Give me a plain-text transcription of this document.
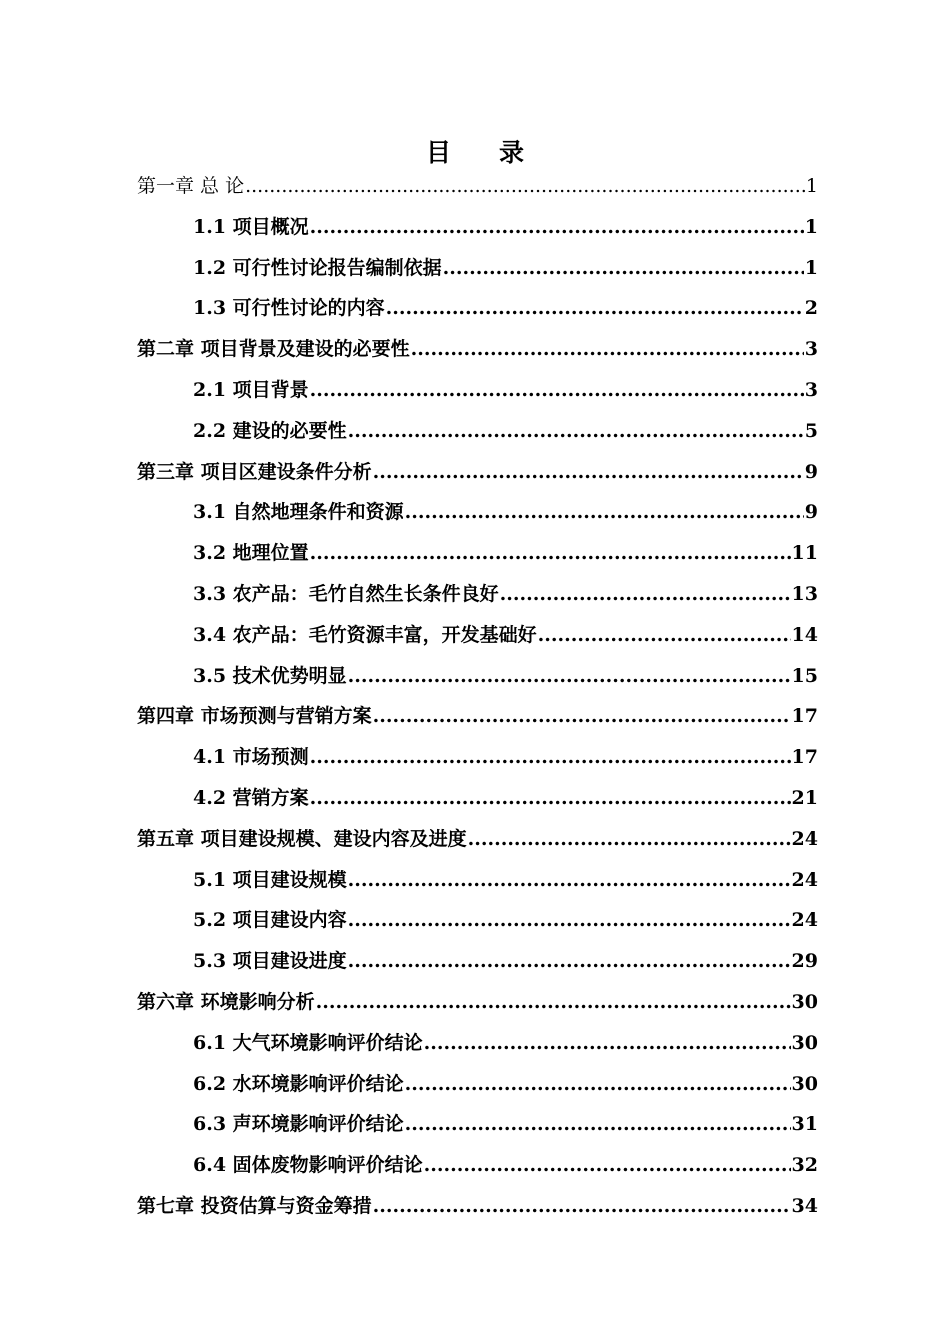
目录
第一章 总 论 .....	1
1.1 项目概况 .....	1
1.2 可行性讨论报告编制依据 .....	1
1.3 可行性讨论的内容 .....	2
第二章 项目背景及建设的必要性 .....	3
2.1 项目背景 .....	3
2.2 建设的必要性 .....	5
第三章 项目区建设条件分析 .....	9
3.1 自然地理条件和资源 .....	9
3.2 地理位置 .....	11
3.3 农产品：毛竹自然生长条件良好 .....	13
3.4 农产品：毛竹资源丰富，开发基础好 .....	14
3.5 技术优势明显 .....	15
第四章 市场预测与营销方案 .....	17
4.1 市场预测 .....	17
4.2 营销方案 .....	21
第五章 项目建设规模、建设内容及进度 .....	24
5.1 项目建设规模 .....	24
5.2 项目建设内容 .....	24
5.3 项目建设进度 .....	29
第六章 环境影响分析 .....	30
6.1 大气环境影响评价结论 .....	30
6.2 水环境影响评价结论 .....	30
6.3 声环境影响评价结论 .....	31
6.4 固体废物影响评价结论 .....	32
第七章 投资估算与资金筹措 .....	34
